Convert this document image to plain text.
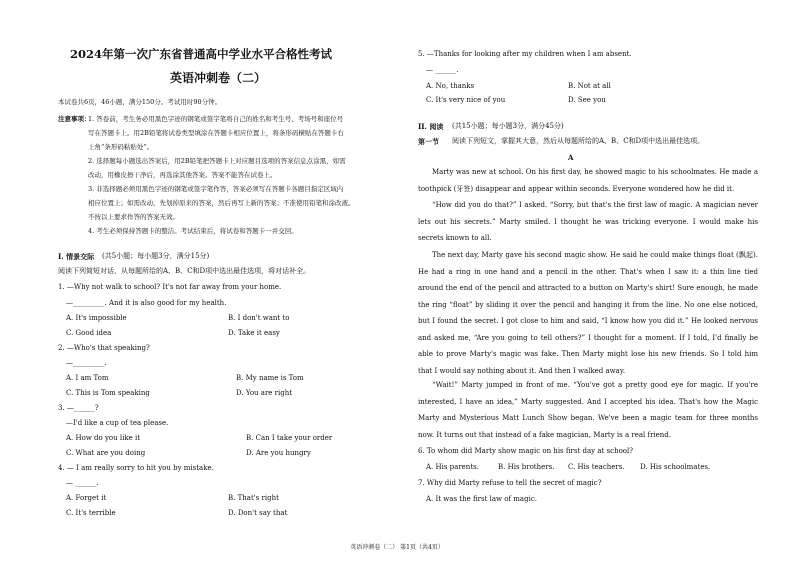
2024年第一次广东省普通高中学业水平合格性考试
英语冲刺卷（二）
本试卷共6页，46小题，满分150分。考试用时90分钟。
注意事项：
1. 答卷前，考生务必用黑色字迹的钢笔或签字笔将自己的姓名和考生号、考场号和座位号
写在答题卡上。用2B铅笔将试卷类型填涂在答题卡相应位置上，将条形码横贴在答题卡右
上角“条形码粘贴处”。
2. 选择题每小题选出答案后，用2B铅笔把答题卡上对应题目选项的答案信息点涂黑，如需
改动，用橡皮擦干净后，再选涂其他答案。答案不能答在试卷上。
3. 非选择题必须用黑色字迹的钢笔或签字笔作答，答案必须写在答题卡各题目指定区域内
相应位置上；如需改动，先划掉原来的答案，然后再写上新的答案；不准使用铅笔和涂改液。
不按以上要求作答的答案无效。
4. 考生必须保持答题卡的整洁。考试结束后，将试卷和答题卡一并交回。
I. 情景交际 (共5小题；每小题3分，满分15分)
阅读下列简短对话，从每题所给的A、B、C和D项中选出最佳选项，将对话补全。
1. —Why not walk to school? It's not far away from your home.
—_________. And it is also good for my health.
A. It's impossible	B. I don't want to
C. Good idea	D. Take it easy
2. —Who's that speaking?
—_________.
A. I am Tom	B. My name is Tom
C. This is Tom speaking	D. You are right
3. —______?
—I'd like a cup of tea please.
A. How do you like it	B. Can I take your order
C. What are you doing	D. Are you hungry
4. — I am really sorry to hit you by mistake.
— ______.
A. Forget it	B. That's right
C. It's terrible	D. Don't say that
5. —Thanks for looking after my children when I am absent.
— ______.
A. No, thanks	B. Not at all
C. It's very nice of you	D. See you
II. 阅读 (共15小题；每小题3分，满分45分)
第一节 阅读下列短文，掌握其大意，然后从每题所给的A、B、C和D项中选出最佳选项。
A
Marty was new at school. On his first day, he showed magic to his schoolmates. He made a toothpick (牙签) disappear and appear within seconds. Everyone wondered how he did it.
“How did you do that?” I asked. “Sorry, but that's the first law of magic. A magician never lets out his secrets.” Marty smiled. I thought he was tricking everyone. I would make his secrets known to all.
The next day, Marty gave his second magic show. He said he could make things float (飘起). He had a ring in one hand and a pencil in the other. That's when I saw it: a thin line tied around the end of the pencil and attracted to a button on Marty's shirt! Sure enough, he made the ring “float” by sliding it over the pencil and hanging it from the line. No one else noticed, but I found the secret. I got close to him and said, “I know how you did it.” He looked nervous and asked me, “Are you going to tell others?” I thought for a moment. If I told, I'd finally be able to prove Marty's magic was fake. Then Marty might lose his new friends. So I told him that I would say nothing about it. And then I walked away.
“Wait!” Marty jumped in front of me. “You've got a pretty good eye for magic. If you're interested, I have an idea,” Marty suggested. And I accepted his idea. That's how the Magic Marty and Mysterious Matt Lunch Show began. We've been a magic team for three months now. It turns out that instead of a fake magician, Marty is a real friend.
6. To whom did Marty show magic on his first day at school?
A. His parents.	B. His brothers. C. His teachers. D. His schoolmates.
7. Why did Marty refuse to tell the secret of magic?
A. It was the first law of magic.
英语冲刺卷（二） 第1页（共4页）
